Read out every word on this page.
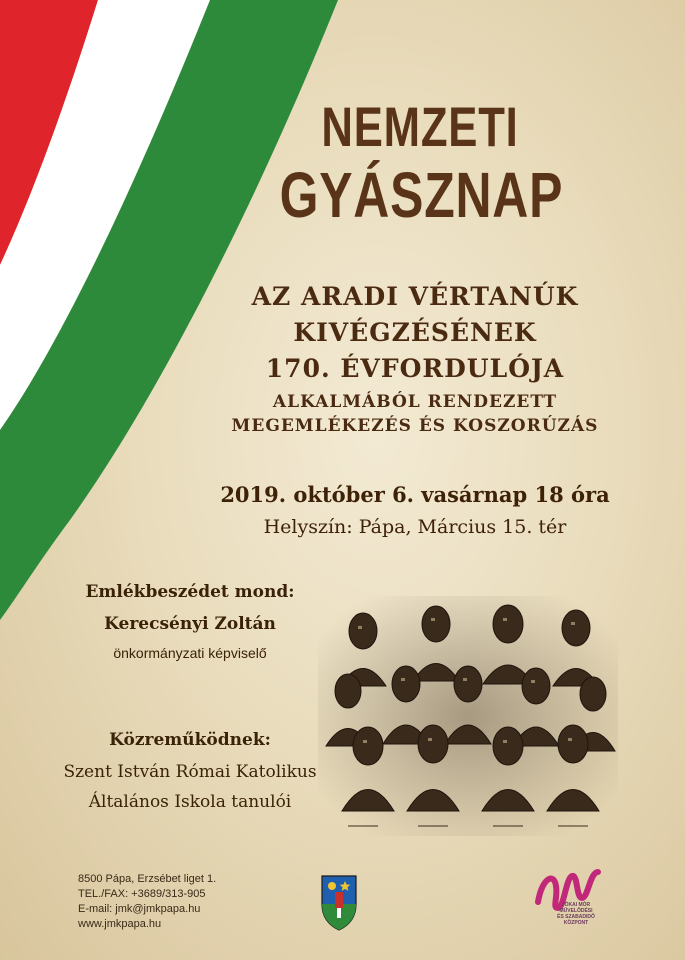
NEMZETI
GYÁSZNAP
AZ ARADI VÉRTANÚK
KIVÉGZÉSÉNEK
170. ÉVFORDULÓJA
ALKALMÁBÓL RENDEZETT
MEGEMLÉKEZÉS ÉS KOSZORÚZÁS
2019. október 6. vasárnap 18 óra
Helyszín: Pápa, Március 15. tér
Emlékbeszédet mond:
Kerecsényi Zoltán
önkormányzati képviselő
Közreműködnek:
Szent István Római Katolikus
Általános Iskola tanulói
8500 Pápa, Erzsébet liget 1.
TEL./FAX: +3689/313-905
E-mail: jmk@jmkpapa.hu
www.jmkpapa.hu
JÓKAI MÓR
MŰVELŐDÉSI
ÉS SZABADIDŐ
KÖZPONT
